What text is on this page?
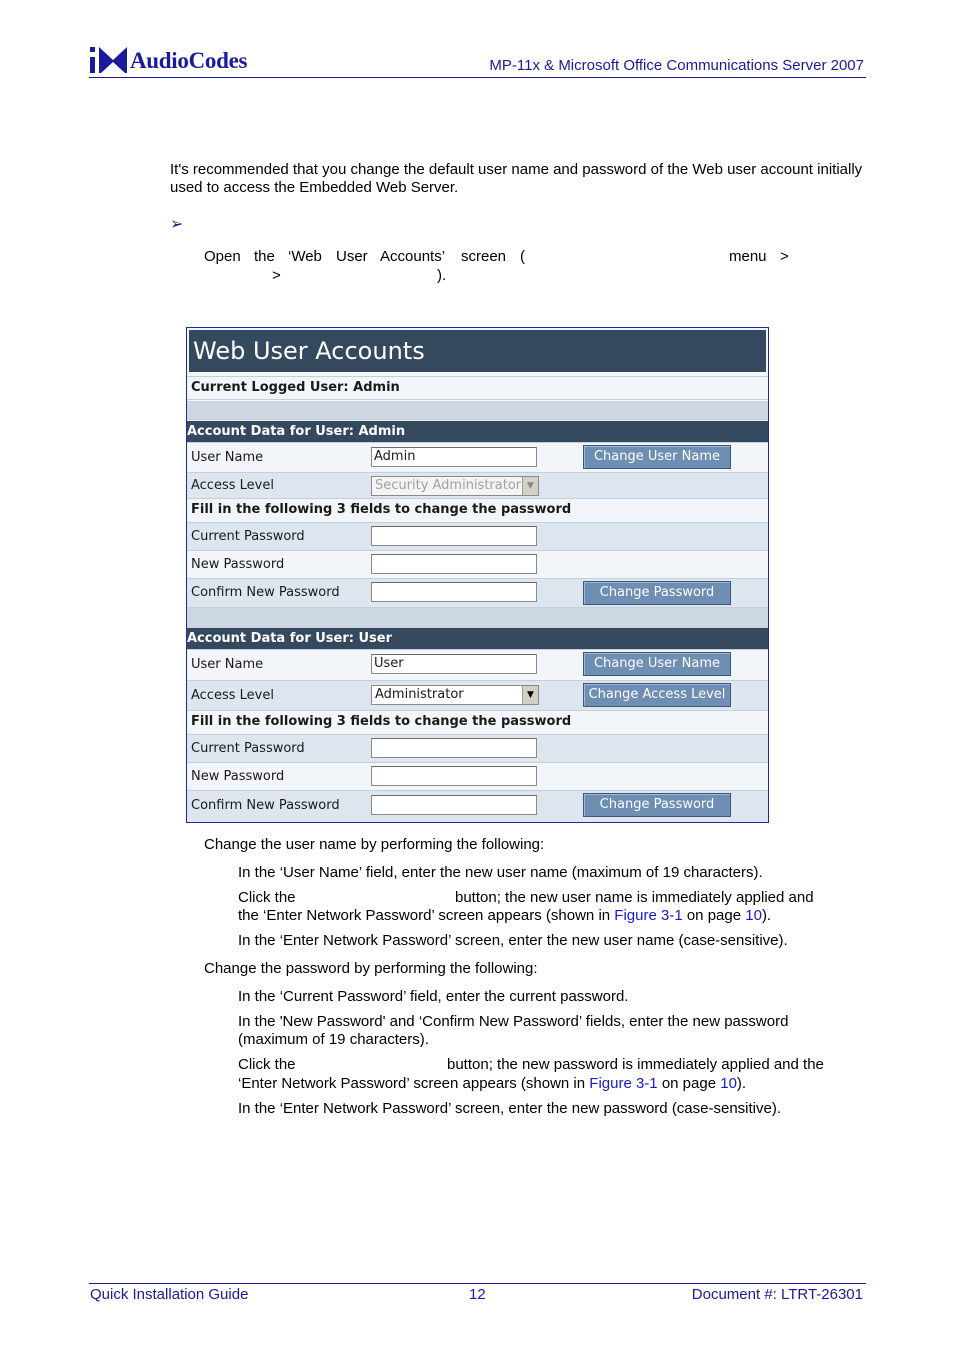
AudioCodes	MP-11x & Microsoft Office Communications Server 2007
It's recommended that you change the default user name and password of the Web user account initially used to access the Embedded Web Server.
➢
Open the ‘Web User Accounts’ screen (	menu >
>	).
Web User Accounts
Current Logged User: Admin
Account Data for User: Admin
User Name	Admin	Change User Name
Access Level	Security Administrator ▼
Fill in the following 3 fields to change the password
Current Password
New Password
Confirm New Password	Change Password
Account Data for User: User
User Name	User	Change User Name
Access Level	Administrator	▼	Change Access Level
Fill in the following 3 fields to change the password
Current Password
New Password
Confirm New Password	Change Password
Change the user name by performing the following:
In the ‘User Name’ field, enter the new user name (maximum of 19 characters).
Click the	button; the new user name is immediately applied and
the ‘Enter Network Password’ screen appears (shown in Figure 3-1 on page 10).
In the ‘Enter Network Password’ screen, enter the new user name (case-sensitive).
Change the password by performing the following:
In the ‘Current Password’ field, enter the current password.
In the 'New Password' and ‘Confirm New Password’ fields, enter the new password
(maximum of 19 characters).
Click the	button; the new password is immediately applied and the
‘Enter Network Password’ screen appears (shown in Figure 3-1 on page 10).
In the ‘Enter Network Password’ screen, enter the new password (case-sensitive).
Quick Installation Guide	12	Document #: LTRT-26301
